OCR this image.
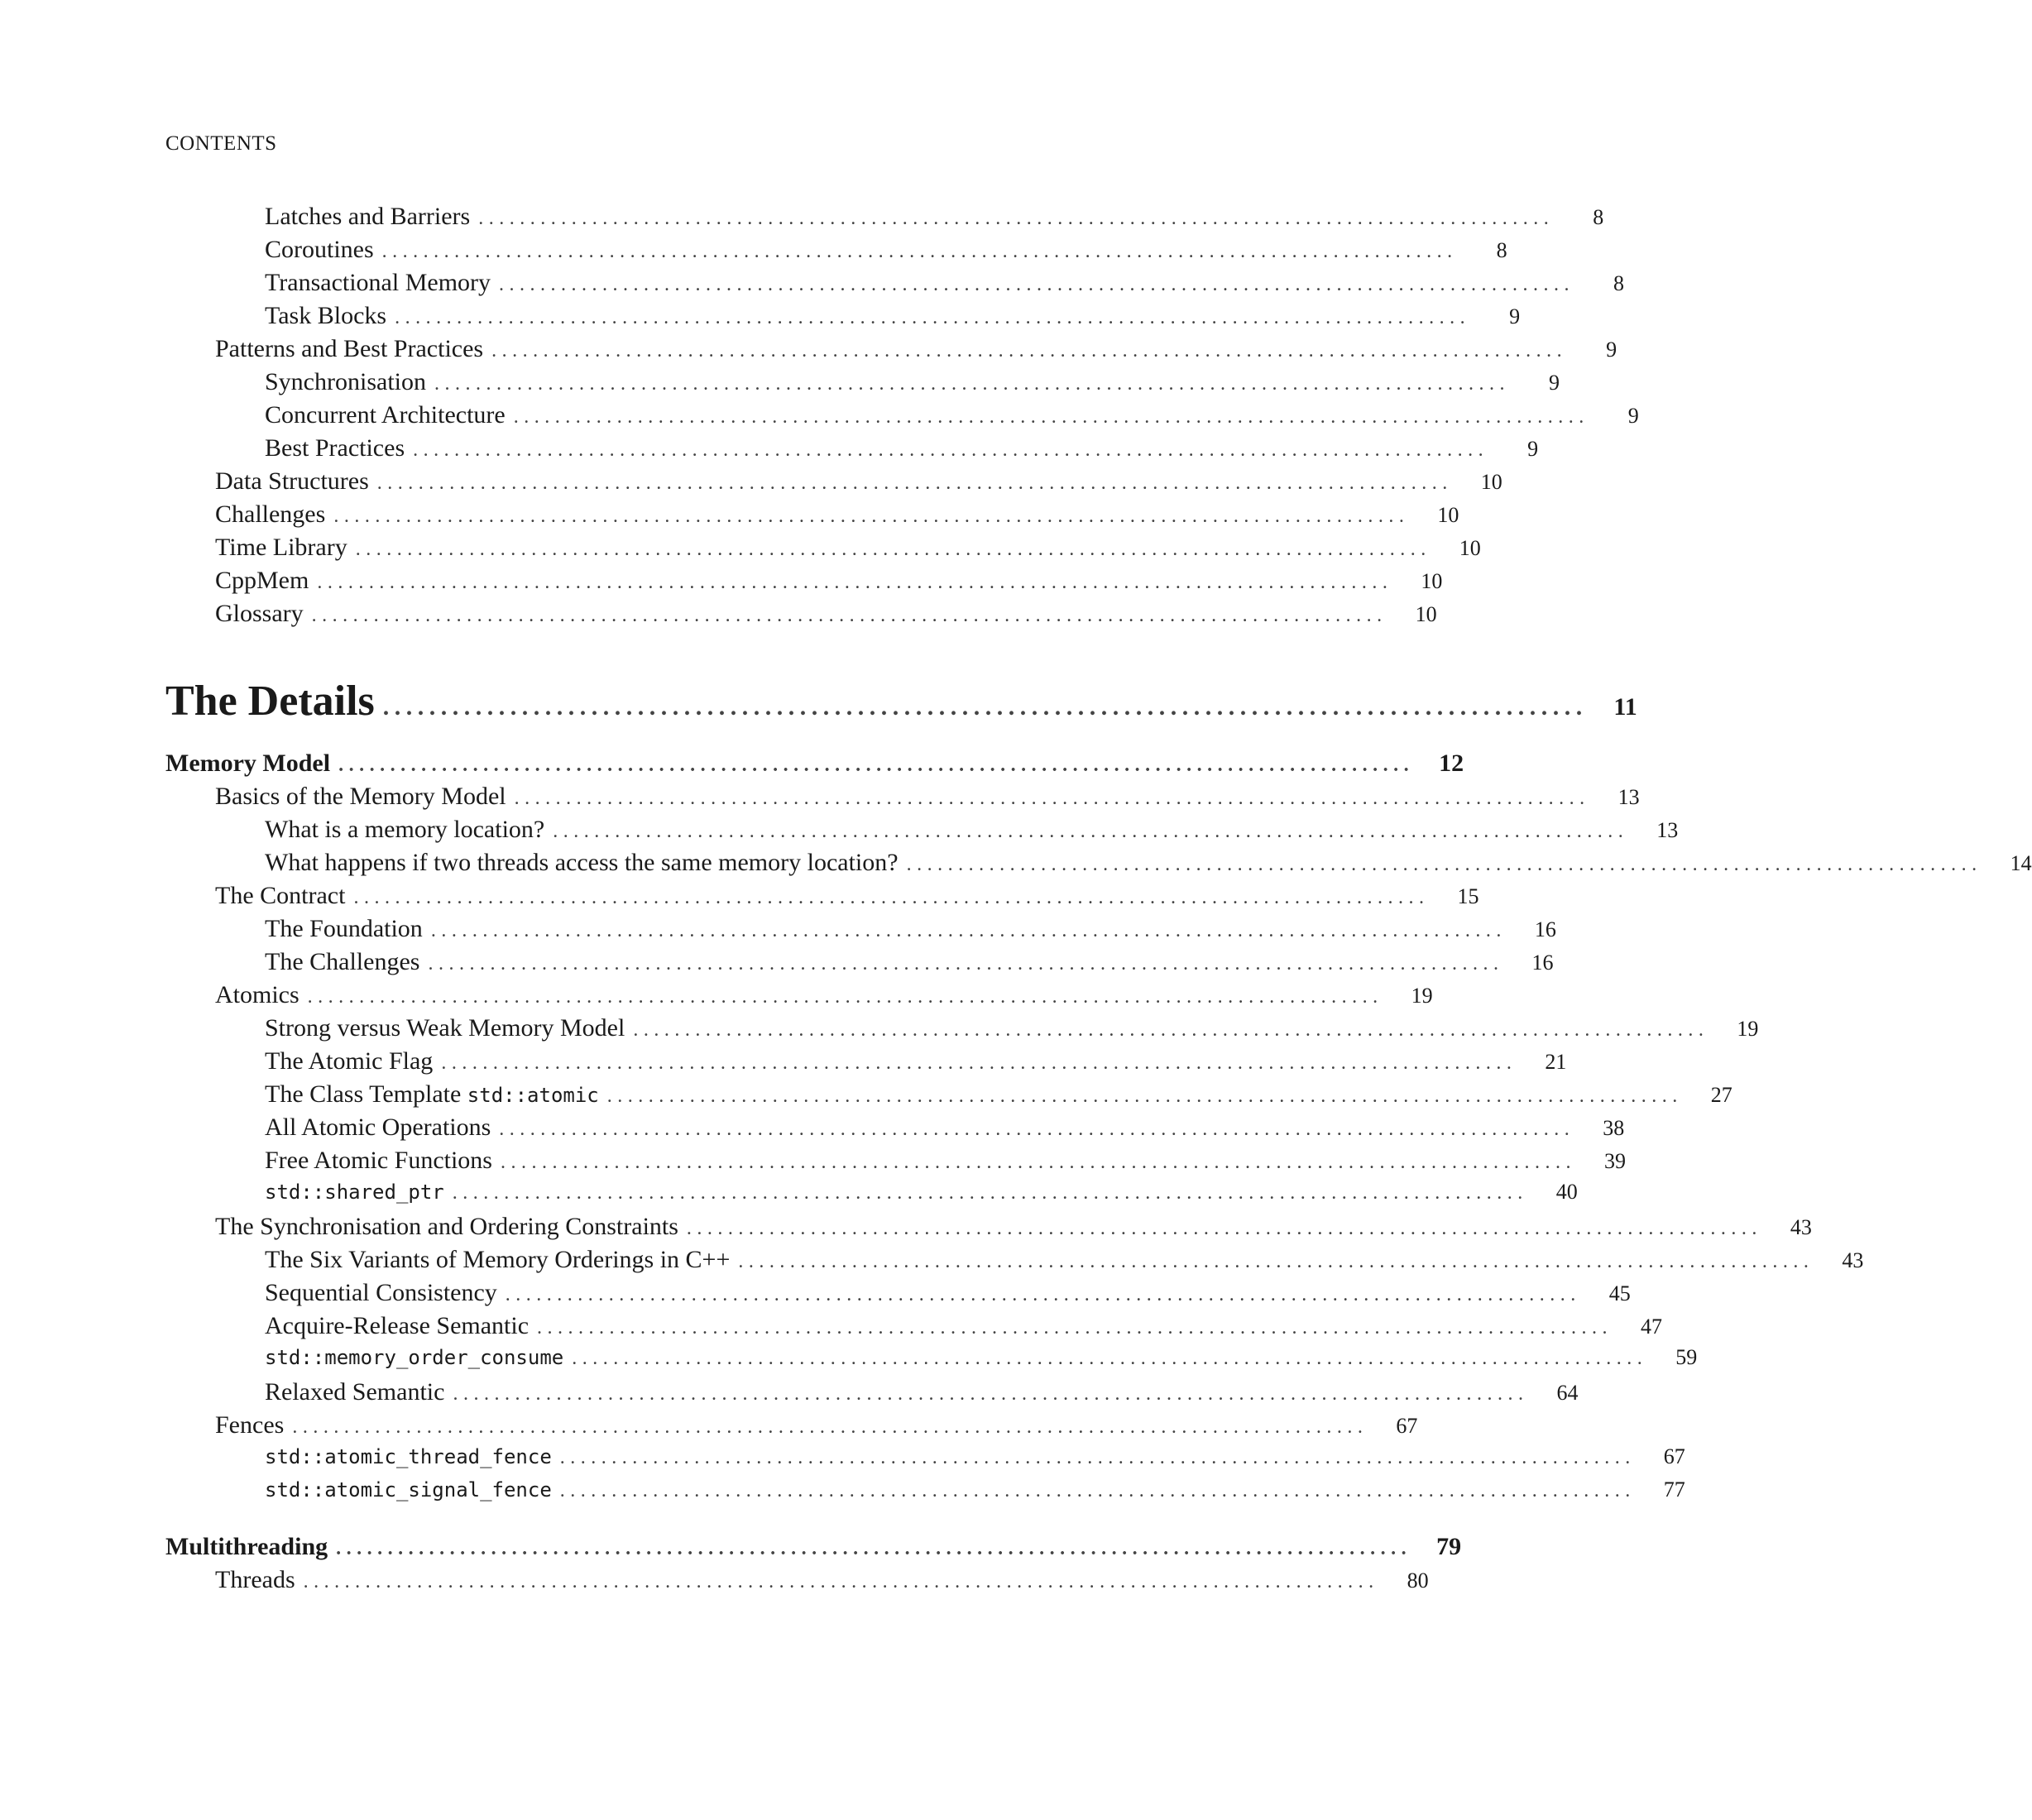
CONTENTS
Latches and Barriers ........................................................................................................	8
Coroutines ........................................................................................................	8
Transactional Memory ........................................................................................................	8
Task Blocks ........................................................................................................	9
Patterns and Best Practices ........................................................................................................	9
Synchronisation ........................................................................................................	9
Concurrent Architecture ........................................................................................................	9
Best Practices ........................................................................................................	9
Data Structures ........................................................................................................	10
Challenges ........................................................................................................	10
Time Library ........................................................................................................	10
CppMem ........................................................................................................	10
Glossary ........................................................................................................	10
The Details ........................................................................................................	11
Memory Model ........................................................................................................	12
Basics of the Memory Model ........................................................................................................	13
What is a memory location? ........................................................................................................	13
What happens if two threads access the same memory location? ........................................................................................................	14
The Contract ........................................................................................................	15
The Foundation ........................................................................................................	16
The Challenges ........................................................................................................	16
Atomics ........................................................................................................	19
Strong versus Weak Memory Model ........................................................................................................	19
The Atomic Flag ........................................................................................................	21
The Class Template std::atomic ........................................................................................................	27
All Atomic Operations ........................................................................................................	38
Free Atomic Functions ........................................................................................................	39
std::shared_ptr ........................................................................................................	40
The Synchronisation and Ordering Constraints ........................................................................................................	43
The Six Variants of Memory Orderings in C++ ........................................................................................................	43
Sequential Consistency ........................................................................................................	45
Acquire-Release Semantic ........................................................................................................	47
std::memory_order_consume ........................................................................................................	59
Relaxed Semantic ........................................................................................................	64
Fences ........................................................................................................	67
std::atomic_thread_fence ........................................................................................................	67
std::atomic_signal_fence ........................................................................................................	77
Multithreading ........................................................................................................	79
Threads ........................................................................................................	80
